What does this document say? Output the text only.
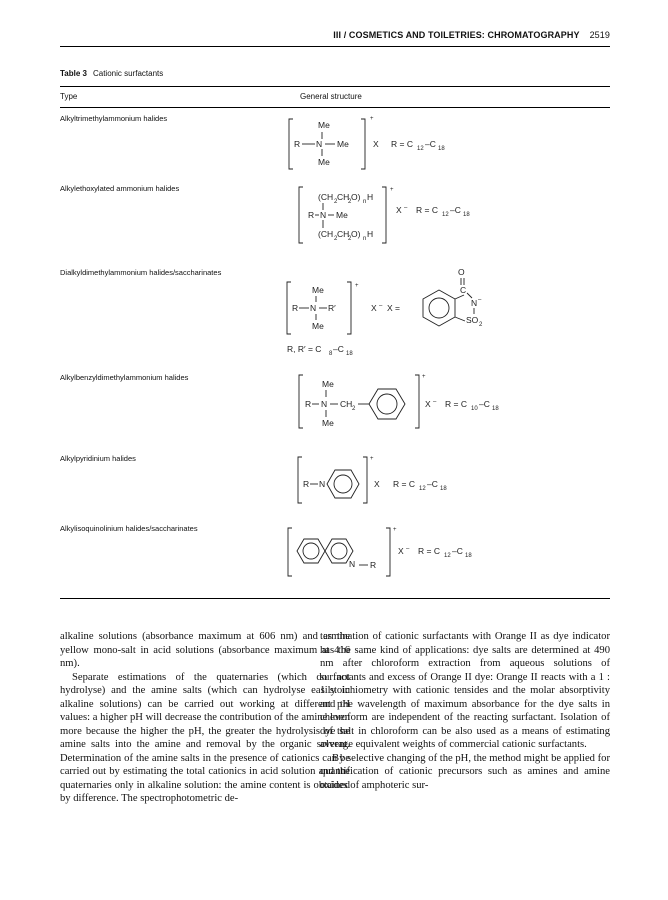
III / COSMETICS AND TOILETRIES: CHROMATOGRAPHY 2519
Table 3 Cationic surfactants
Type	General structure
Alkyltrimethylammonium halides	+
Me
R N Me
Me
X R = C 12 –C 18
Alkylethoxylated ammonium halides	+
(CH 2 CH
2 O) n H
R N Me
(CH 2 CH
2 O) n H
X – R = C 12 –C 18
Dialkyldimethylammonium halides/saccharinates
+
Me
R N R′
Me
X – X =
C
O
N –
SO 2
R, R′ = C 8 –C 18
Alkylbenzyldimethylammonium halides	+
Me
R N CH 2
Me
X – R = C 10 –C 18
Alkylpyridinium halides	+
R N	X R = C 12 –C 18
Alkylisoquinolinium halides/saccharinates	+
N R
X – R = C 12 –C 18

alkaline solutions (absorbance maximum at 606 nm) and as the yellow mono-salt in acid solutions (absorbance maximum at 416 nm).

Separate estimations of the quaternaries (which do not hydrolyse) and the amine salts (which can hydrolyse easily in alkaline solutions) can be carried out working at different pH values: a higher pH will decrease the contribution of the amine even more because the higher the pH, the greater the hydrolysis of the amine salts into the amine and removal by the organic solvent. Determination of the amine salts in the presence of cationics can be carried out by estimating the total cationics in acid solution and the quaternaries only in alkaline solution: the amine content is obtained by difference. The spectrophotometric de-

termination of cationic surfactants with Orange II as dye indicator has the same kind of applications: dye salts are determined at 490 nm after chloroform extraction from aqueous solutions of surfactants and excess of Orange II dye: Orange II reacts with a 1 : 1 stoichiometry with cationic tensides and the molar absorptivity and the wavelength of maximum absorbance for the dye salts in chloroform are independent of the reacting surfactant. Isolation of dye salt in chloroform can be also used as a means of estimating average equivalent weights of commercial cationic surfactants.

By selective changing of the pH, the method might be applied for quantification of cationic precursors such as amines and amine oxides of amphoteric sur-
